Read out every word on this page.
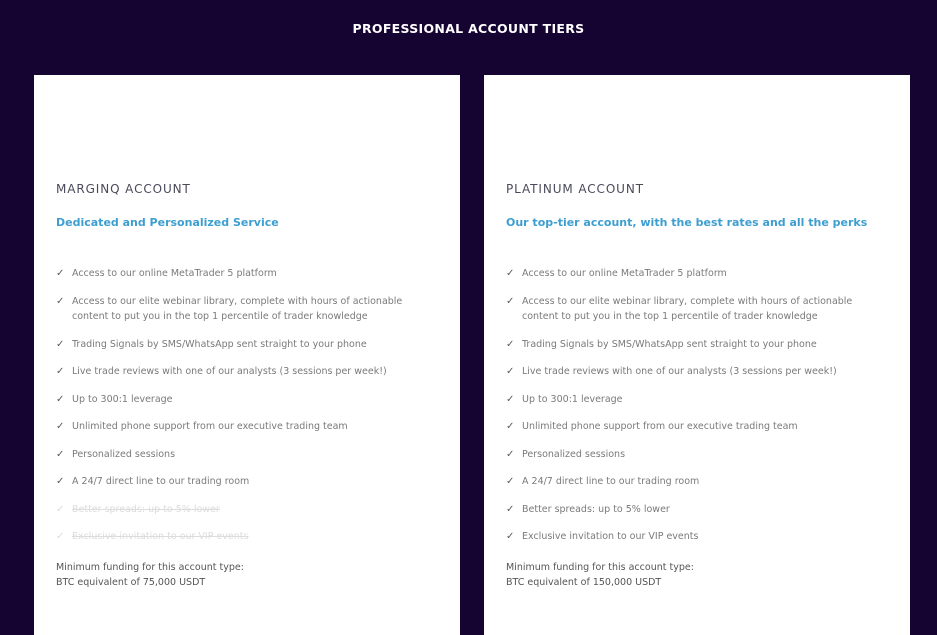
PROFESSIONAL ACCOUNT TIERS
MARGINQ ACCOUNT
Dedicated and Personalized Service
✓ Access to our online MetaTrader 5 platform
✓ Access to our elite webinar library, complete with hours of actionable content to put you in the top 1 percentile of trader knowledge
✓ Trading Signals by SMS/WhatsApp sent straight to your phone
✓ Live trade reviews with one of our analysts (3 sessions per week!)
✓ Up to 300:1 leverage
✓ Unlimited phone support from our executive trading team
✓ Personalized sessions
✓ A 24/7 direct line to our trading room
✓ Better spreads: up to 5% lower
✓ Exclusive invitation to our VIP events
Minimum funding for this account type:
BTC equivalent of 75,000 USDT
PLATINUM ACCOUNT
Our top-tier account, with the best rates and all the perks
✓ Access to our online MetaTrader 5 platform
✓ Access to our elite webinar library, complete with hours of actionable content to put you in the top 1 percentile of trader knowledge
✓ Trading Signals by SMS/WhatsApp sent straight to your phone
✓ Live trade reviews with one of our analysts (3 sessions per week!)
✓ Up to 300:1 leverage
✓ Unlimited phone support from our executive trading team
✓ Personalized sessions
✓ A 24/7 direct line to our trading room
✓ Better spreads: up to 5% lower
✓ Exclusive invitation to our VIP events
Minimum funding for this account type:
BTC equivalent of 150,000 USDT
